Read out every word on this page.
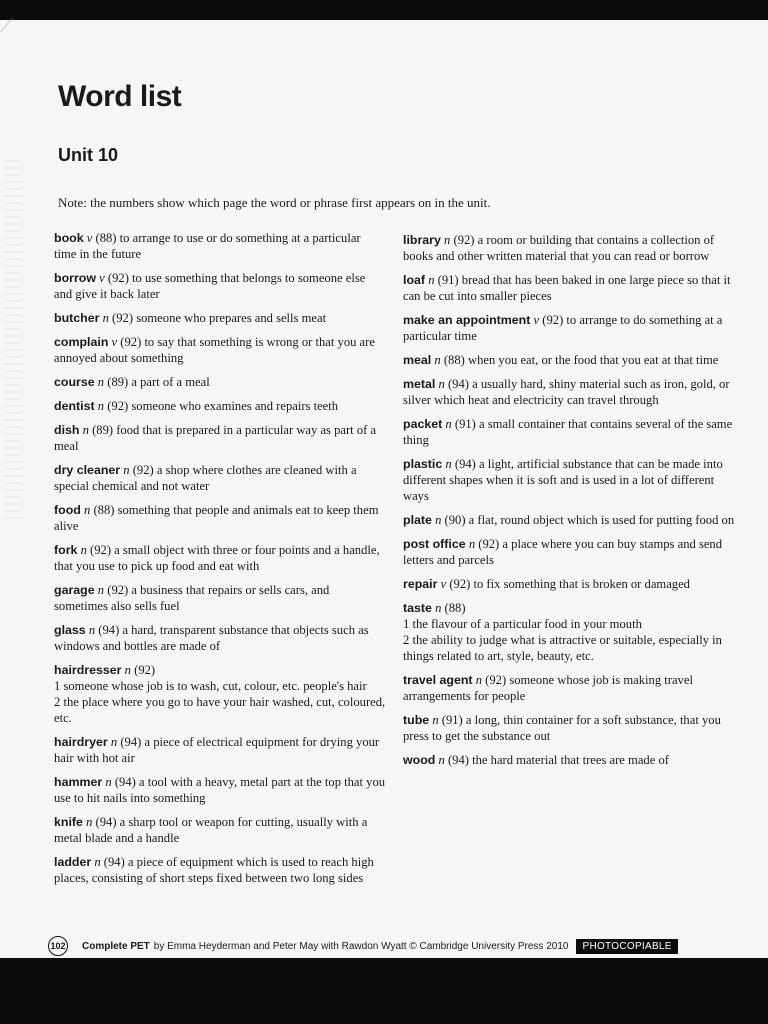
Word list
Unit 10
Note: the numbers show which page the word or phrase first appears on in the unit.

book v (88) to arrange to use or do something at a particular time in the future

borrow v (92) to use something that belongs to someone else and give it back later

butcher n (92) someone who prepares and sells meat

complain v (92) to say that something is wrong or that you are annoyed about something

course n (89) a part of a meal

dentist n (92) someone who examines and repairs teeth

dish n (89) food that is prepared in a particular way as part of a meal

dry cleaner n (92) a shop where clothes are cleaned with a special chemical and not water

food n (88) something that people and animals eat to keep them alive

fork n (92) a small object with three or four points and a handle, that you use to pick up food and eat with

garage n (92) a business that repairs or sells cars, and sometimes also sells fuel

glass n (94) a hard, transparent substance that objects such as windows and bottles are made of

hairdresser n (92)
1 someone whose job is to wash, cut, colour, etc. people's hair
2 the place where you go to have your hair washed, cut, coloured, etc.

hairdryer n (94) a piece of electrical equipment for drying your hair with hot air

hammer n (94) a tool with a heavy, metal part at the top that you use to hit nails into something

knife n (94) a sharp tool or weapon for cutting, usually with a metal blade and a handle

ladder n (94) a piece of equipment which is used to reach high places, consisting of short steps fixed between two long sides

library n (92) a room or building that contains a collection of books and other written material that you can read or borrow

loaf n (91) bread that has been baked in one large piece so that it can be cut into smaller pieces

make an appointment v (92) to arrange to do something at a particular time

meal n (88) when you eat, or the food that you eat at that time

metal n (94) a usually hard, shiny material such as iron, gold, or silver which heat and electricity can travel through

packet n (91) a small container that contains several of the same thing

plastic n (94) a light, artificial substance that can be made into different shapes when it is soft and is used in a lot of different ways

plate n (90) a flat, round object which is used for putting food on

post office n (92) a place where you can buy stamps and send letters and parcels

repair v (92) to fix something that is broken or damaged

taste n (88)
1 the flavour of a particular food in your mouth
2 the ability to judge what is attractive or suitable, especially in things related to art, style, beauty, etc.

travel agent n (92) someone whose job is making travel arrangements for people

tube n (91) a long, thin container for a soft substance, that you press to get the substance out

wood n (94) the hard material that trees are made of

102 Complete PET by Emma Heyderman and Peter May with Rawdon Wyatt © Cambridge University Press 2010	PHOTOCOPIABLE
